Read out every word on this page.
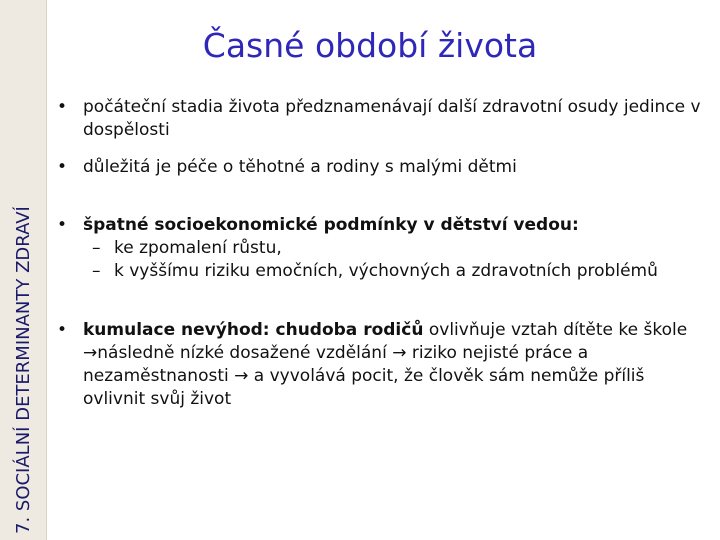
7. SOCIÁLNÍ DETERMINANTY ZDRAVÍ
Časné období života
• počáteční stadia života předznamenávají další zdravotní osudy jedince v dospělosti
• důležitá je péče o těhotné a rodiny s malými dětmi
• špatné socioekonomické podmínky v dětství vedou:
– ke zpomalení růstu,
– k vyššímu riziku emočních, výchovných a zdravotních problémů
• kumulace nevýhod: chudoba rodičů ovlivňuje vztah dítěte ke škole →následně nízké dosažené vzdělání → riziko nejisté práce a nezaměstnanosti → a vyvolává pocit, že člověk sám nemůže příliš ovlivnit svůj život
